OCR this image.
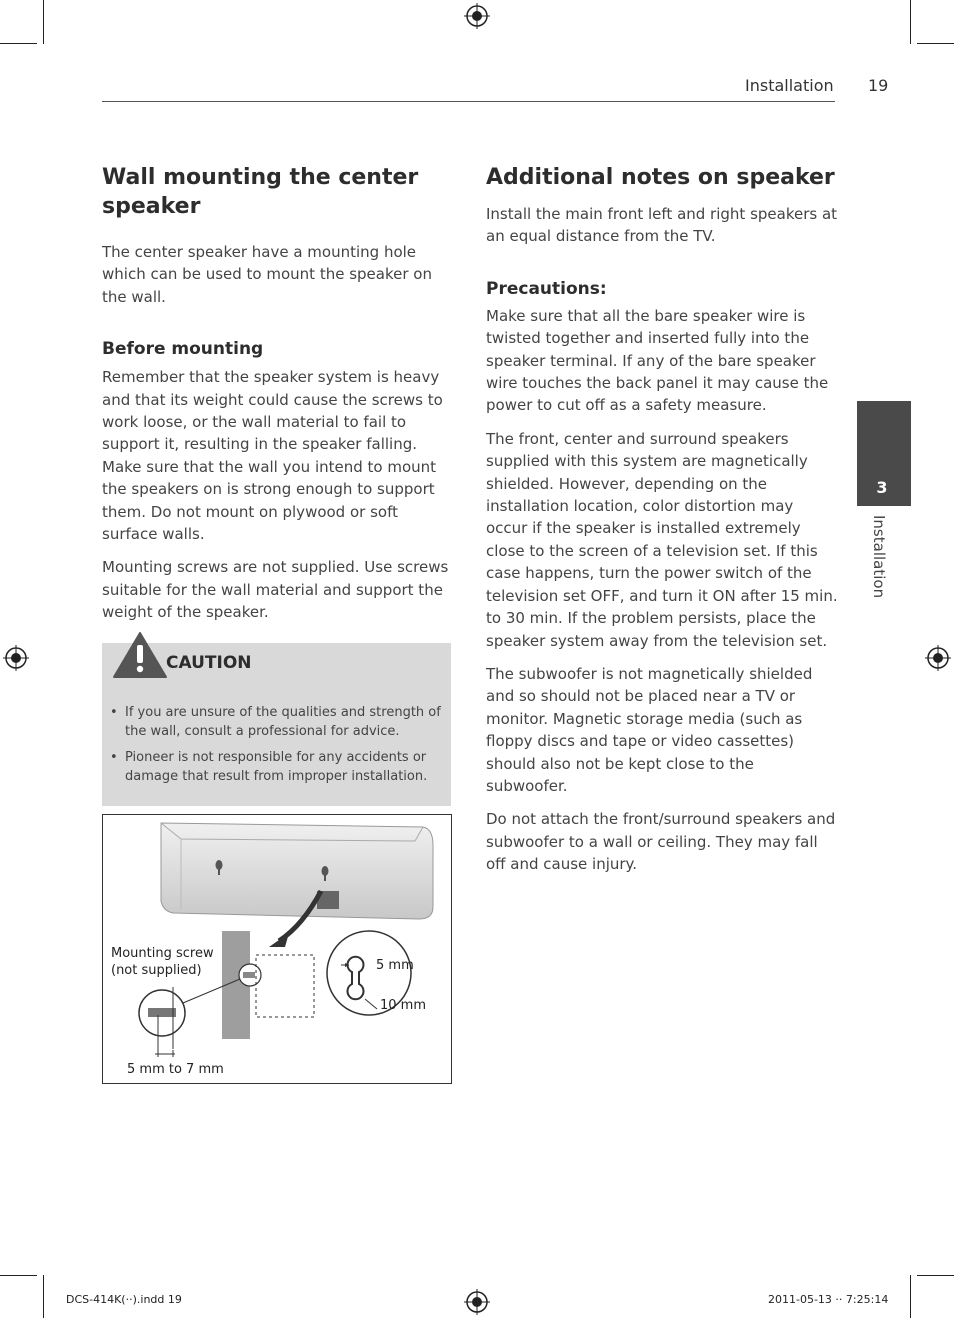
Installation 19
Wall mounting the center speaker

The center speaker have a mounting hole which can be used to mount the speaker on the wall.

Before mounting

Remember that the speaker system is heavy and that its weight could cause the screws to work loose, or the wall material to fail to support it, resulting in the speaker falling. Make sure that the wall you intend to mount the speakers on is strong enough to support them. Do not mount on plywood or soft surface walls.

Mounting screws are not supplied. Use screws suitable for the wall material and support the weight of the speaker.

CAUTION
• If you are unsure of the qualities and strength of the wall, consult a professional for advice.
• Pioneer is not responsible for any accidents or damage that result from improper installation.
Mounting screw
(not supplied)	5 mm
10 mm
5 mm to 7 mm
Additional notes on speaker

Install the main front left and right speakers at an equal distance from the TV.

Precautions:

Make sure that all the bare speaker wire is twisted together and inserted fully into the speaker terminal. If any of the bare speaker wire touches the back panel it may cause the power to cut off as a safety measure.

The front, center and surround speakers supplied with this system are magnetically shielded. However, depending on the installation location, color distortion may occur if the speaker is installed extremely close to the screen of a television set. If this case happens, turn the power switch of the television set OFF, and turn it ON after 15 min. to 30 min. If the problem persists, place the speaker system away from the television set.

The subwoofer is not magnetically shielded and so should not be placed near a TV or monitor. Magnetic storage media (such as floppy discs and tape or video cassettes) should also not be kept close to the subwoofer.

Do not attach the front/surround speakers and subwoofer to a wall or ceiling. They may fall off and cause injury.

3
Installation
DCS-414K(··).indd 19	2011-05-13 ·· 7:25:14
